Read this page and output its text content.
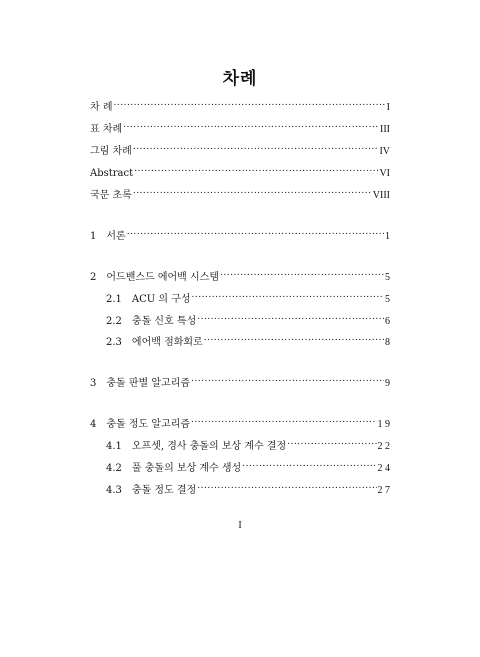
차례
차 례 .....	I
표 차례 .....	III
그림 차례 .....	IV
Abstract .....	VI
국문 초록 .....	VIII
1 서론 .....	1
2 어드밴스드 에어백 시스템 .....	5
2.1 ACU 의 구성 .....	5
2.2 충돌 신호 특성 .....	6
2.3 에어백 점화회로 .....	8
3 충돌 판별 알고리즘 .....	9
4 충돌 정도 알고리즘 .....	1 9
4.1 오프셋, 경사 충돌의 보상 계수 결정 .....	2 2
4.2 풀 충돌의 보상 계수 생성 .....	2 4
4.3 충돌 정도 결정 .....	2 7
I
